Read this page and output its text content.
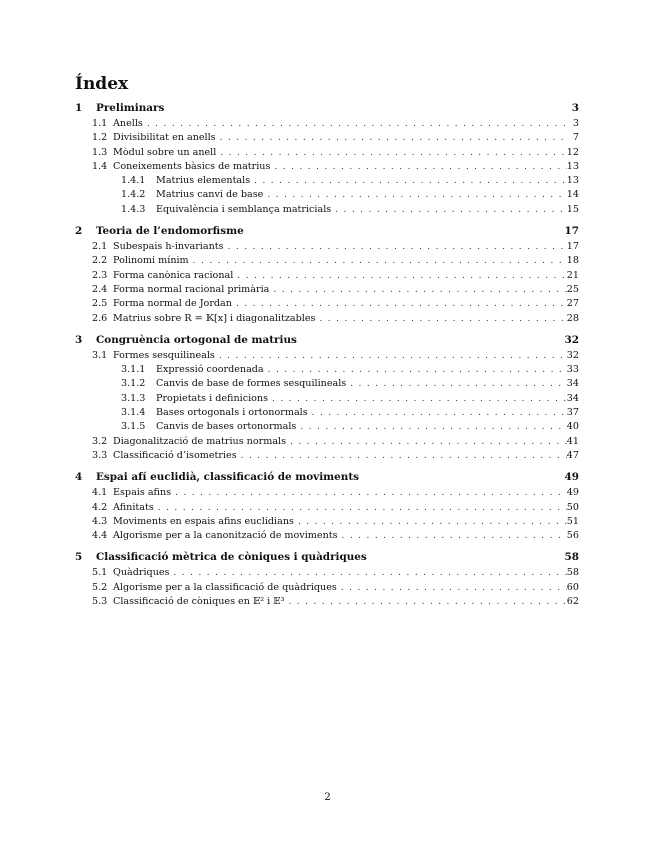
Índex
1	Preliminars	3
1.1 Anells . . .	3
1.2 Divisibilitat en anells . . .	7
1.3 Mòdul sobre un anell . . .	12
1.4 Coneixements bàsics de matrius . . .	13
1.4.1	Matrius elementals . . .	13
1.4.2	Matrius canvi de base . . .	14
1.4.3	Equivalència i semblança matricials . . .	15
2	Teoria de l’endomorfisme	17
2.1 Subespais h-invariants . . .	17
2.2 Polinomi mínim . . .	18
2.3 Forma canònica racional . . .	21
2.4 Forma normal racional primària . . .	25
2.5 Forma normal de Jordan . . .	27
2.6 Matrius sobre R = 𝕂[x] i diagonalitzables . . .	28
3	Congruència ortogonal de matrius	32
3.1 Formes sesquilineals . . .	32
3.1.1	Expressió coordenada . . .	33
3.1.2	Canvis de base de formes sesquilineals . . .	34
3.1.3	Propietats i definicions . . .	34
3.1.4	Bases ortogonals i ortonormals . . .	37
3.1.5	Canvis de bases ortonormals . . .	40
3.2 Diagonalització de matrius normals . . .	41
3.3 Classificació d’isometries . . .	47
4	Espai afí euclidià, classificació de moviments	49
4.1 Espais afins . . .	49
4.2 Afinitats . . .	50
4.3 Moviments en espais afins euclidians . . .	51
4.4 Algorisme per a la canonització de moviments . . .	56
5	Classificació mètrica de còniques i quàdriques	58
5.1 Quàdriques . . .	58
5.2 Algorisme per a la classificació de quàdriques . . .	60
5.3 Classificació de còniques en 𝔼² i 𝔼³ . . .	62
2
